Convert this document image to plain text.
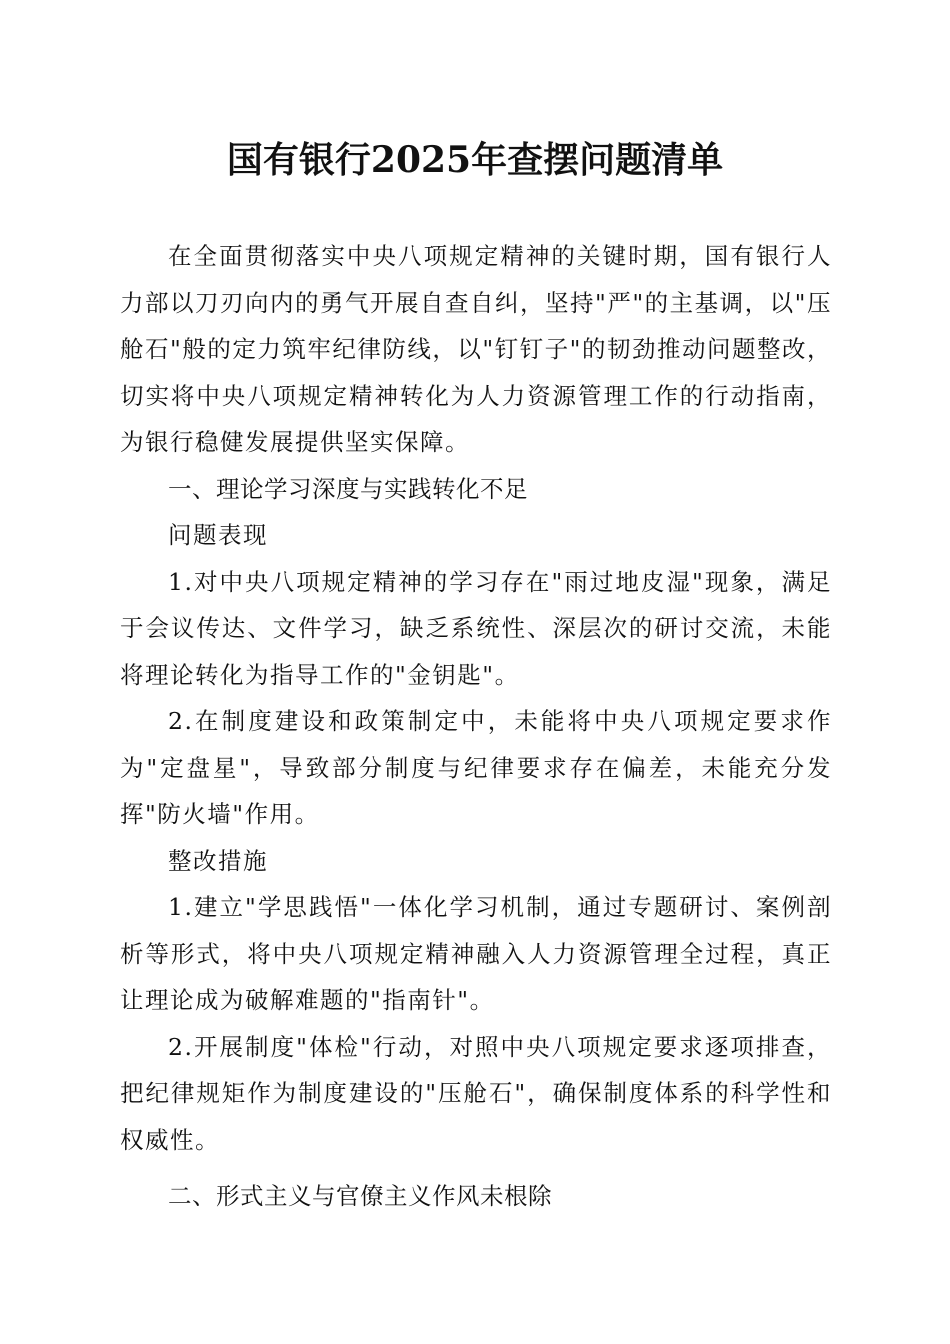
国有银行2025年查摆问题清单

在全面贯彻落实中央八项规定精神的关键时期，国有银行人力部以刀刃向内的勇气开展自查自纠，坚持"严"的主基调，以"压舱石"般的定力筑牢纪律防线，以"钉钉子"的韧劲推动问题整改，切实将中央八项规定精神转化为人力资源管理工作的行动指南，为银行稳健发展提供坚实保障。

一、理论学习深度与实践转化不足

问题表现

1.对中央八项规定精神的学习存在"雨过地皮湿"现象，满足于会议传达、文件学习，缺乏系统性、深层次的研讨交流，未能将理论转化为指导工作的"金钥匙"。

2.在制度建设和政策制定中，未能将中央八项规定要求作为"定盘星"，导致部分制度与纪律要求存在偏差，未能充分发挥"防火墙"作用。

整改措施

1.建立"学思践悟"一体化学习机制，通过专题研讨、案例剖析等形式，将中央八项规定精神融入人力资源管理全过程，真正让理论成为破解难题的"指南针"。

2.开展制度"体检"行动，对照中央八项规定要求逐项排查，把纪律规矩作为制度建设的"压舱石"，确保制度体系的科学性和权威性。

二、形式主义与官僚主义作风未根除
